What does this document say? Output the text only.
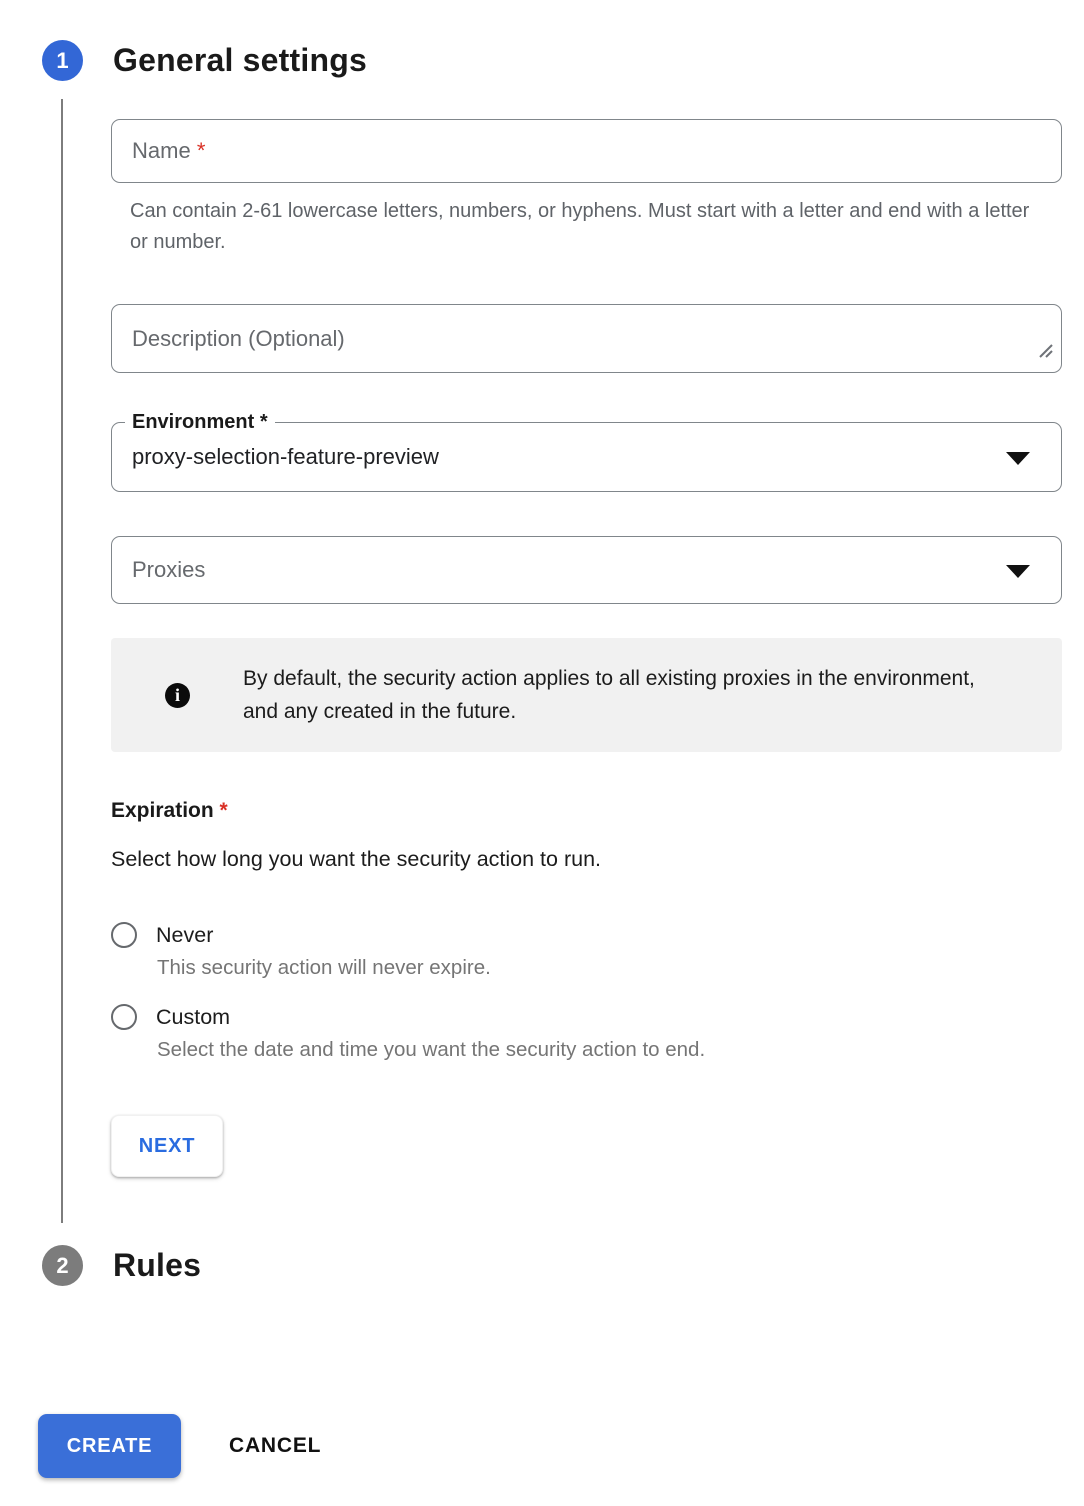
1 General settings
Name *
Can contain 2-61 lowercase letters, numbers, or hyphens. Must start with a letter and end with a letter or number.
Description (Optional)
Environment *
proxy-selection-feature-preview
Proxies
i
By default, the security action applies to all existing proxies in the environment, and any created in the future.
Expiration *
Select how long you want the security action to run.
Never
This security action will never expire.
Custom
Select the date and time you want the security action to end.
NEXT
2 Rules
CREATE	CANCEL
